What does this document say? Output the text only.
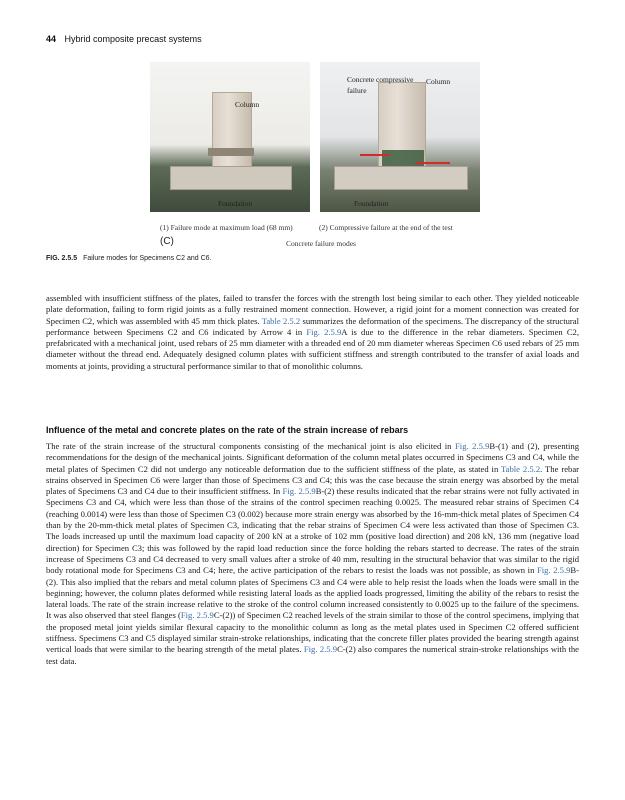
44 Hybrid composite precast systems
Column
Foundation
Concrete compressive failure
Column
Foundation
(1) Failure mode at maximum load (68 mm)	(2) Compressive failure at the end of the test
(C)	Concrete failure modes
FIG. 2.5.5 Failure modes for Specimens C2 and C6.
assembled with insufficient stiffness of the plates, failed to transfer the forces with the strength lost being similar to each other. They yielded noticeable plate deformation, failing to form rigid joints as a fully restrained moment connection. However, a rigid joint for a moment connection was created for Specimen C2, which was assembled with 45 mm thick plates. Table 2.5.2 summarizes the deformation of the specimens. The discrepancy of the structural performance between Specimens C2 and C6 indicated by Arrow 4 in Fig. 2.5.9A is due to the difference in the rebar diameters. Specimen C2, prefabricated with a mechanical joint, used rebars of 25 mm diameter with a threaded end of 20 mm diameter whereas Specimen C6 used rebars of 25 mm diameter without the thread end. Adequately designed column plates with sufficient stiffness and strength contributed to the transfer of axial loads and moments at joints, providing a structural performance similar to that of monolithic columns.
Influence of the metal and concrete plates on the rate of the strain increase of rebars
The rate of the strain increase of the structural components consisting of the mechanical joint is also elicited in Fig. 2.5.9B-(1) and (2), presenting recommendations for the design of the mechanical joints. Significant deformation of the column metal plates occurred in Specimens C3 and C4, while the metal plates of Specimen C2 did not undergo any noticeable deformation due to the sufficient stiffness of the plate, as stated in Table 2.5.2. The rebar strains observed in Specimen C6 were larger than those of Specimens C3 and C4; this was the case because the strain energy was absorbed by the metal plates of Specimens C3 and C4 due to their insufficient stiffness. In Fig. 2.5.9B-(2) these results indicated that the rebar strains were not fully activated in Specimens C3 and C4, which were less than those of the strains of the control specimen reaching 0.0025. The measured rebar strains of Specimen C4 (reaching 0.0014) were less than those of Specimen C3 (0.002) because more strain energy was absorbed by the 16-mm-thick metal plates of Specimen C4 than by the 20-mm-thick metal plates of Specimen C3, indicating that the rebar strains of Specimen C4 were less activated than those of Specimen C3. The loads increased up until the maximum load capacity of 200 kN at a stroke of 102 mm (positive load direction) and 208 kN, 136 mm (negative load direction) for Specimen C3; this was followed by the rapid load reduction since the force holding the rebars started to decrease. The rates of the strain increase of Specimens C3 and C4 decreased to very small values after a stroke of 40 mm, resulting in the structural behavior that was similar to the rigid body rotational mode for Specimens C3 and C4; here, the active participation of the rebars to resist the loads was not possible, as shown in Fig. 2.5.9B-(2). This also implied that the rebars and metal column plates of Specimens C3 and C4 were able to help resist the loads when the loads were small in the beginning; however, the column plates deformed while resisting lateral loads as the applied loads progressed, limiting the ability of the rebars to resist the lateral loads. The rate of the strain increase relative to the stroke of the control column increased consistently to 0.0025 up to the failure of the specimens. It was also observed that steel flanges (Fig. 2.5.9C-(2)) of Specimen C2 reached levels of the strain similar to those of the control specimens, implying that the proposed metal joint yields similar flexural capacity to the monolithic column as long as the metal plates used in Specimen C2 offered sufficient stiffness. Specimens C3 and C5 displayed similar strain-stroke relationships, indicating that the concrete filler plates provided the bearing strength against vertical loads that were similar to the bearing strength of the metal plates. Fig. 2.5.9C-(2) also compares the numerical strain-stroke relationships with the test data.
